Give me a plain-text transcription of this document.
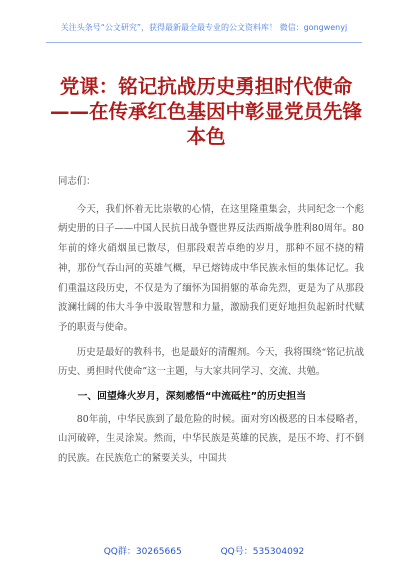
关注头条号“公文研究”，获得最新最全最专业的公文资料库！ 微信：gongwenyj
党课：铭记抗战历史勇担时代使命——在传承红色基因中彰显党员先锋本色

同志们：

今天，我们怀着无比崇敬的心情，在这里隆重集会，共同纪念一个彪炳史册的日子——中国人民抗日战争暨世界反法西斯战争胜利80周年。80年前的烽火硝烟虽已散尽，但那段艰苦卓绝的岁月，那种不屈不挠的精神，那份气吞山河的英雄气概，早已熔铸成中华民族永恒的集体记忆。我们重温这段历史，不仅是为了缅怀为国捐躯的革命先烈，更是为了从那段波澜壮阔的伟大斗争中汲取智慧和力量，激励我们更好地担负起新时代赋予的职责与使命。

历史是最好的教科书，也是最好的清醒剂。今天，我将围绕“铭记抗战历史、勇担时代使命”这一主题，与大家共同学习、交流、共勉。

一、回望烽火岁月，深刻感悟“中流砥柱”的历史担当

80年前，中华民族到了最危险的时候。面对穷凶极恶的日本侵略者，山河破碎，生灵涂炭。然而，中华民族是英雄的民族，是压不垮、打不倒的民族。在民族危亡的紧要关头，中国共

QQ群：30265665	QQ号：535304092
